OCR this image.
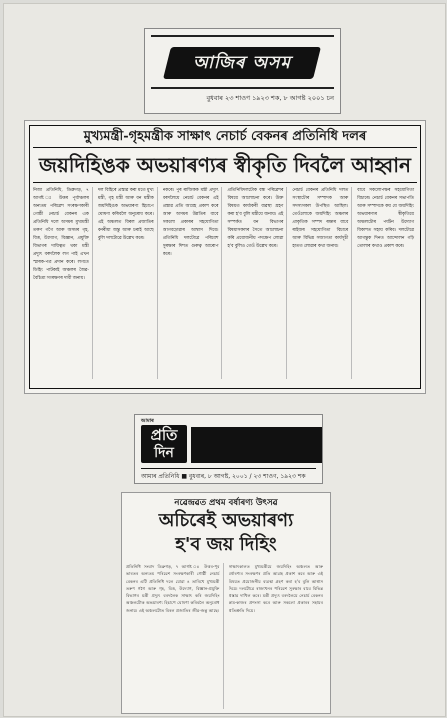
আজিৰ অসম
বুধবাৰ ২৩ শাওণ ১৯২৩ শক, ৮ আগষ্ট ২০০১ চন
মুখ্যমন্ত্ৰী-গৃহমন্ত্ৰীক সাক্ষাৎ নেচাৰ্চ বেকনৰ প্ৰতিনিধি দলৰ
জয়দিহিঙক অভয়াৰণ্যৰ স্বীকৃতি দিবলৈ আহ্বান

নিজা প্ৰতিনিধি, ডিব্ৰুগড়, ৭ আগষ্ট ঃ উত্তৰ পূৰ্বাঞ্চলৰ অন্যতম পৰিৱেশ সংৰক্ষণকাৰী গোষ্ঠী নেচাৰ্চ বেকনৰ এক প্ৰতিনিধি দলে অসমৰ মুখ্যমন্ত্ৰী তৰুণ গগৈ আৰু অসমৰ গৃহ, বিত্ত, উদ্যোগ, বিজ্ঞান, প্ৰযুক্তি বিভাগৰ দায়িত্বত থকা মন্ত্ৰী প্ৰদ্যুৎ বৰদলৈক লগ পাই এখন স্মাৰক-পত্ৰ প্ৰদান কৰে। লগতে ডিহিং পাটকাই অঞ্চলৰ জৈৱ-বৈচিত্ৰ্য সংৰক্ষণৰ দাবী জনায়।

দল বিহিৰে প্ৰস্তাৱ কৰা মতে মুখ্য মন্ত্ৰী, গৃহ মন্ত্ৰী আৰু বন মন্ত্ৰীক জয়দিহিঙক অভয়াৰণ্য হিচাপে ঘোষণা কৰিবলৈ অনুৰোধ কৰে। এই অঞ্চলত বিৰল প্ৰজাতিৰ বনৰীয়া জন্তু আৰু চৰাই আছে বুলি দলটোৱে উল্লেখ কৰে।

নকৰে। পুৰ ৰাজিকক মন্ত্ৰী প্ৰদ্যুৎ বৰদলৈয়ে নেচাৰ্চ বেকনৰ এই প্ৰস্তাৱ প্ৰতি আগ্ৰহ প্ৰকাশ কৰে আৰু অসমৰ উন্নতিৰ বাবে সকলো প্ৰকাৰৰ সহযোগিতা আগবঢ়োৱাৰ আশ্বাস দিয়ে। প্ৰতিনিধি দলটোৱে পৰিবেশ সুৰক্ষাৰ দিশত গুৰুত্ব আৰোপ কৰে।

প্ৰতিনিধিদলটোক বন্ধ পৰিৱেশৰ বিষয়ে আলোচনা কৰে। উক্ত বিষয়ত কাৰ্য্যকৰী ব্যৱস্থা গ্ৰহণ কৰা হ'ব বুলি মন্ত্ৰীয়ে জনায়। এই সম্পৰ্কত বন বিভাগৰ বিষয়াসকলৰ সৈতে আলোচনা কৰি প্ৰয়োজনীয় পদক্ষেপ লোৱা হ'ব বুলিও তেওঁ উল্লেখ কৰে।

নেচাৰ্চ বেকনৰ প্ৰতিনিধি দলত সংস্থাটোৰ সম্পাদক আৰু সদস্যসকল উপস্থিত আছিল। তেওঁলোকে জয়দিহিং অঞ্চলৰ প্ৰাকৃতিক সম্পদ ৰক্ষাৰ বাবে ৰাইজৰ সহযোগিতা বিচাৰে আৰু বিভিন্ন সজাগতা কাৰ্যসূচী হাতত লোৱাৰ কথা জনায়।

বাবে সকলোপক্ষৰ সহযোগিতা বিচাৰে। নেচাৰ্চ বেকনৰ সভাপতি আৰু সম্পাদকে কয় যে জয়দিহিং অভয়াৰণ্যৰ স্বীকৃতিয়ে অঞ্চলটোৰ পৰ্যটন উদ্যোগ বিকাশত সহায় কৰিব। দলটোৱে আগন্তুক দিনত আন্দোলন গঢ়ি তোলাৰ কথাও প্ৰকাশ কৰে।

আমাৰ
প্ৰতি
দিন
আমাৰ প্ৰতিনিধি ■ বুধবাৰ, ৮ আগষ্ট, ২০০১ / ২৩ শাওণ, ১৯২৩ শক
নৱেন্দ্ৰৱত প্ৰথম বৰ্ষাৰণ্য উৎসৱ
অচিৰেই অভয়াৰণ্য
হ'ব জয় দিহিং

প্ৰতিনিধি সংবাদ ডিব্ৰুগড়, ৭ আগষ্ট ঃ উত্তৰ-পূব ভাৰতৰ অন্যতম পৰিৱেশ সংৰক্ষণকাৰী গোষ্ঠী নেচাৰ্চ বেকনৰ এটি প্ৰতিনিধি দলে যোৱা ৪ তাৰিখে মুখ্যমন্ত্ৰী তৰুণ গগৈ আৰু গৃহ, বিত্ত, উদ্যোগ, বিজ্ঞান-প্ৰযুক্তি বিভাগৰ মন্ত্ৰী প্ৰদ্যুৎ বৰদলৈক সাক্ষাৎ কৰি জয়দিহিং অঞ্চলটোক অভয়াৰণ্য হিচাপে ঘোষণা কৰিবলৈ অনুৰোধ জনায়। এই অঞ্চলটোত বিৰল প্ৰজাতিৰ জীৱ-জন্তু আছে।

সাক্ষাৎকালত মুখ্যমন্ত্ৰীয়ে জয়দিহিং অঞ্চলত আৰু বৰ্ষাৰণ্যৰ সংৰক্ষণৰ প্ৰতি আগ্ৰহ প্ৰকাশ কৰে আৰু এই বিষয়ত প্ৰয়োজনীয় ব্যৱস্থা গ্ৰহণ কৰা হ'ব বুলি আশ্বাস দিয়ে। দলটোৱে ৰাজ্যখনৰ পৰিৱেশ সুৰক্ষাৰ বাবে বিভিন্ন প্ৰস্তাৱ দাখিল কৰে। মন্ত্ৰী প্ৰদ্যুৎ বৰদলৈয়ে নেচাৰ্চ বেকনৰ কাম-কাজৰ প্ৰশংসা কৰে আৰু সকলো প্ৰকাৰৰ সহায়ৰ প্ৰতিশ্ৰুতি দিয়ে।
